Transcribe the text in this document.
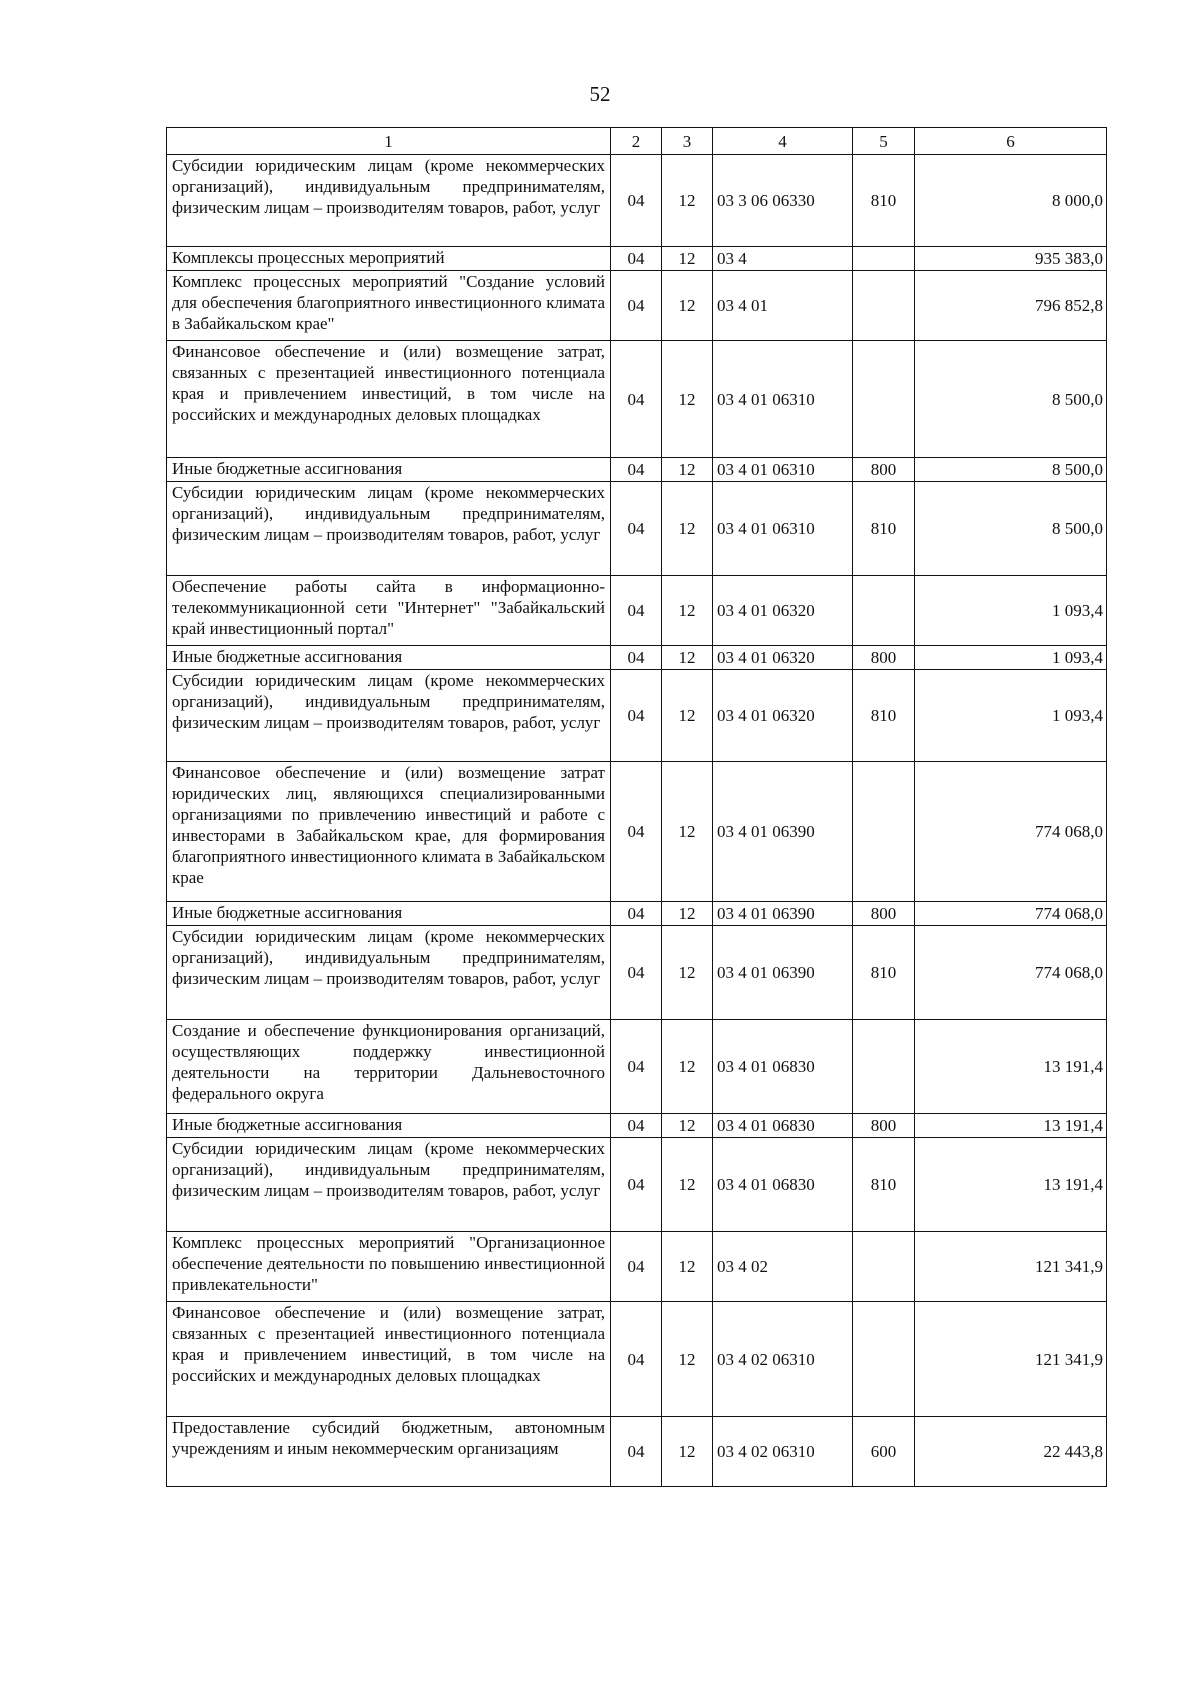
52
1	2	3	4	5	6
Субсидии юридическим лицам (кроме некоммерческих организаций), индивидуальным предпринимателям, физическим лицам – производителям товаров, работ, услуг	04	12	03 3 06 06330	810	8 000,0
Комплексы процессных мероприятий	04	12	03 4		935 383,0
Комплекс процессных мероприятий "Создание условий для обеспечения благоприятного инвестиционного климата в Забайкальском крае"	04	12	03 4 01		796 852,8
Финансовое обеспечение и (или) возмещение затрат, связанных с презентацией инвестиционного потенциала края и привлечением инвестиций, в том числе на российских и международных деловых площадках	04	12	03 4 01 06310		8 500,0
Иные бюджетные ассигнования	04	12	03 4 01 06310	800	8 500,0
Субсидии юридическим лицам (кроме некоммерческих организаций), индивидуальным предпринимателям, физическим лицам – производителям товаров, работ, услуг	04	12	03 4 01 06310	810	8 500,0
Обеспечение работы сайта в информационно-телекоммуникационной сети "Интернет" "Забайкальский край инвестиционный портал"	04	12	03 4 01 06320		1 093,4
Иные бюджетные ассигнования	04	12	03 4 01 06320	800	1 093,4
Субсидии юридическим лицам (кроме некоммерческих организаций), индивидуальным предпринимателям, физическим лицам – производителям товаров, работ, услуг	04	12	03 4 01 06320	810	1 093,4
Финансовое обеспечение и (или) возмещение затрат юридических лиц, являющихся специализированными организациями по привлечению инвестиций и работе с инвесторами в Забайкальском крае, для формирования благоприятного инвестиционного климата в Забайкальском крае	04	12	03 4 01 06390		774 068,0
Иные бюджетные ассигнования	04	12	03 4 01 06390	800	774 068,0
Субсидии юридическим лицам (кроме некоммерческих организаций), индивидуальным предпринимателям, физическим лицам – производителям товаров, работ, услуг	04	12	03 4 01 06390	810	774 068,0
Создание и обеспечение функционирования организаций, осуществляющих поддержку инвестиционной деятельности на территории Дальневосточного федерального округа	04	12	03 4 01 06830		13 191,4
Иные бюджетные ассигнования	04	12	03 4 01 06830	800	13 191,4
Субсидии юридическим лицам (кроме некоммерческих организаций), индивидуальным предпринимателям, физическим лицам – производителям товаров, работ, услуг	04	12	03 4 01 06830	810	13 191,4
Комплекс процессных мероприятий "Организационное обеспечение деятельности по повышению инвестиционной привлекательности"	04	12	03 4 02		121 341,9
Финансовое обеспечение и (или) возмещение затрат, связанных с презентацией инвестиционного потенциала края и привлечением инвестиций, в том числе на российских и международных деловых площадках	04	12	03 4 02 06310		121 341,9
Предоставление субсидий бюджетным, автономным учреждениям и иным некоммерческим организациям	04	12	03 4 02 06310	600	22 443,8
